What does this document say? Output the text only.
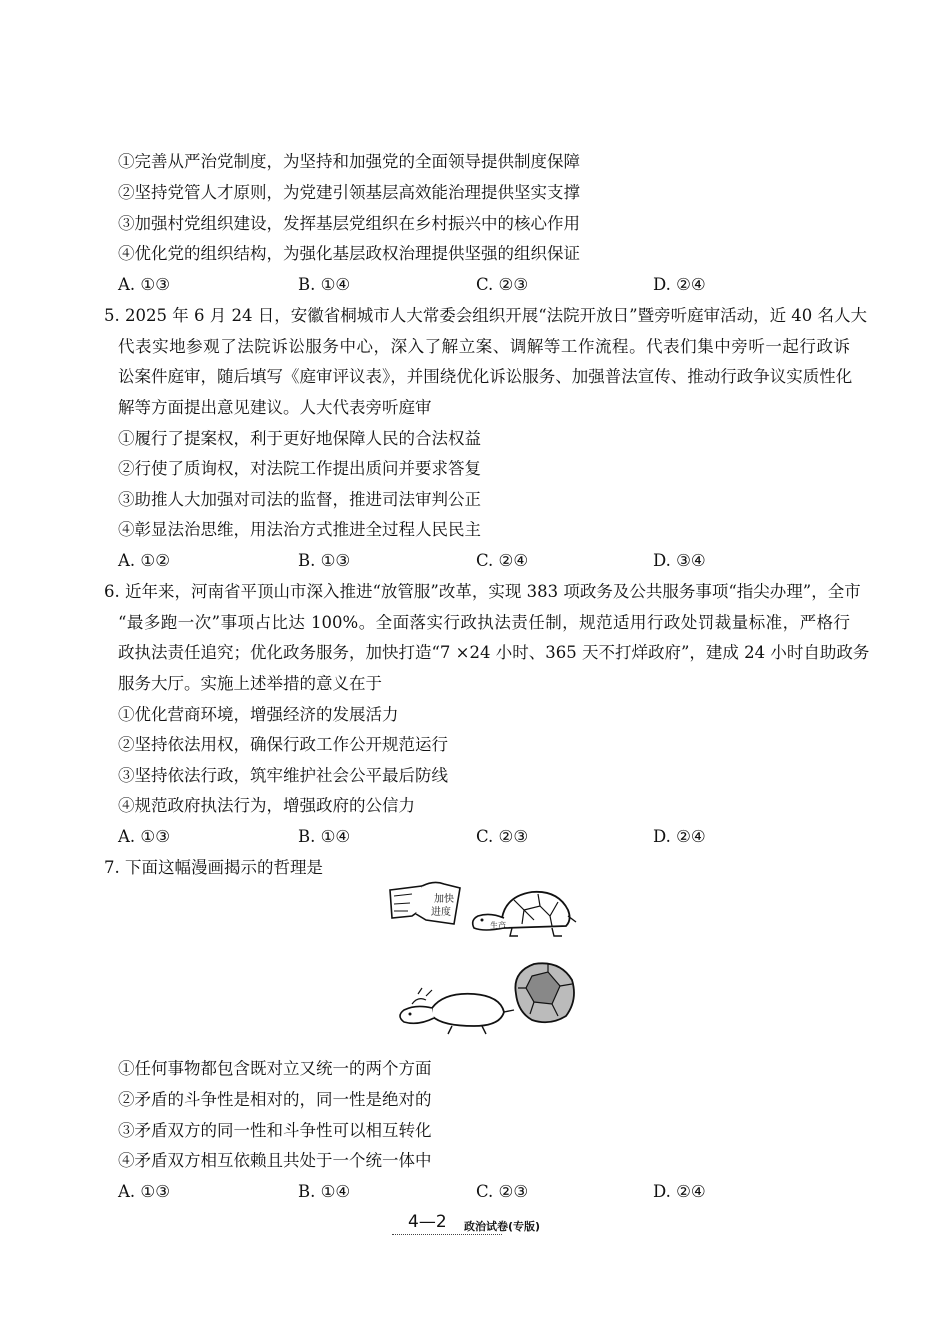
①完善从严治党制度，为坚持和加强党的全面领导提供制度保障
②坚持党管人才原则，为党建引领基层高效能治理提供坚实支撑
③加强村党组织建设，发挥基层党组织在乡村振兴中的核心作用
④优化党的组织结构，为强化基层政权治理提供坚强的组织保证
A. ①③	B. ①④	C. ②③	D. ②④
5. 2025 年 6 月 24 日，安徽省桐城市人大常委会组织开展“法院开放日”暨旁听庭审活动，近 40 名人大
代表实地参观了法院诉讼服务中心，深入了解立案、调解等工作流程。代表们集中旁听一起行政诉
讼案件庭审，随后填写《庭审评议表》，并围绕优化诉讼服务、加强普法宣传、推动行政争议实质性化
解等方面提出意见建议。人大代表旁听庭审
①履行了提案权，利于更好地保障人民的合法权益
②行使了质询权，对法院工作提出质问并要求答复
③助推人大加强对司法的监督，推进司法审判公正
④彰显法治思维，用法治方式推进全过程人民民主
A. ①②	B. ①③	C. ②④	D. ③④
6. 近年来，河南省平顶山市深入推进“放管服”改革，实现 383 项政务及公共服务事项“指尖办理”，全市
“最多跑一次”事项占比达 100%。全面落实行政执法责任制，规范适用行政处罚裁量标准，严格行
政执法责任追究；优化政务服务，加快打造“7 ×24 小时、365 天不打烊政府”，建成 24 小时自助政务
服务大厅。实施上述举措的意义在于
①优化营商环境，增强经济的发展活力
②坚持依法用权，确保行政工作公开规范运行
③坚持依法行政，筑牢维护社会公平最后防线
④规范政府执法行为，增强政府的公信力
A. ①③	B. ①④	C. ②③	D. ②④
7. 下面这幅漫画揭示的哲理是
加快
进度
生产
①任何事物都包含既对立又统一的两个方面
②矛盾的斗争性是相对的，同一性是绝对的
③矛盾双方的同一性和斗争性可以相互转化
④矛盾双方相互依赖且共处于一个统一体中
A. ①③	B. ①④	C. ②③	D. ②④
4—2 政治试卷(专版)
